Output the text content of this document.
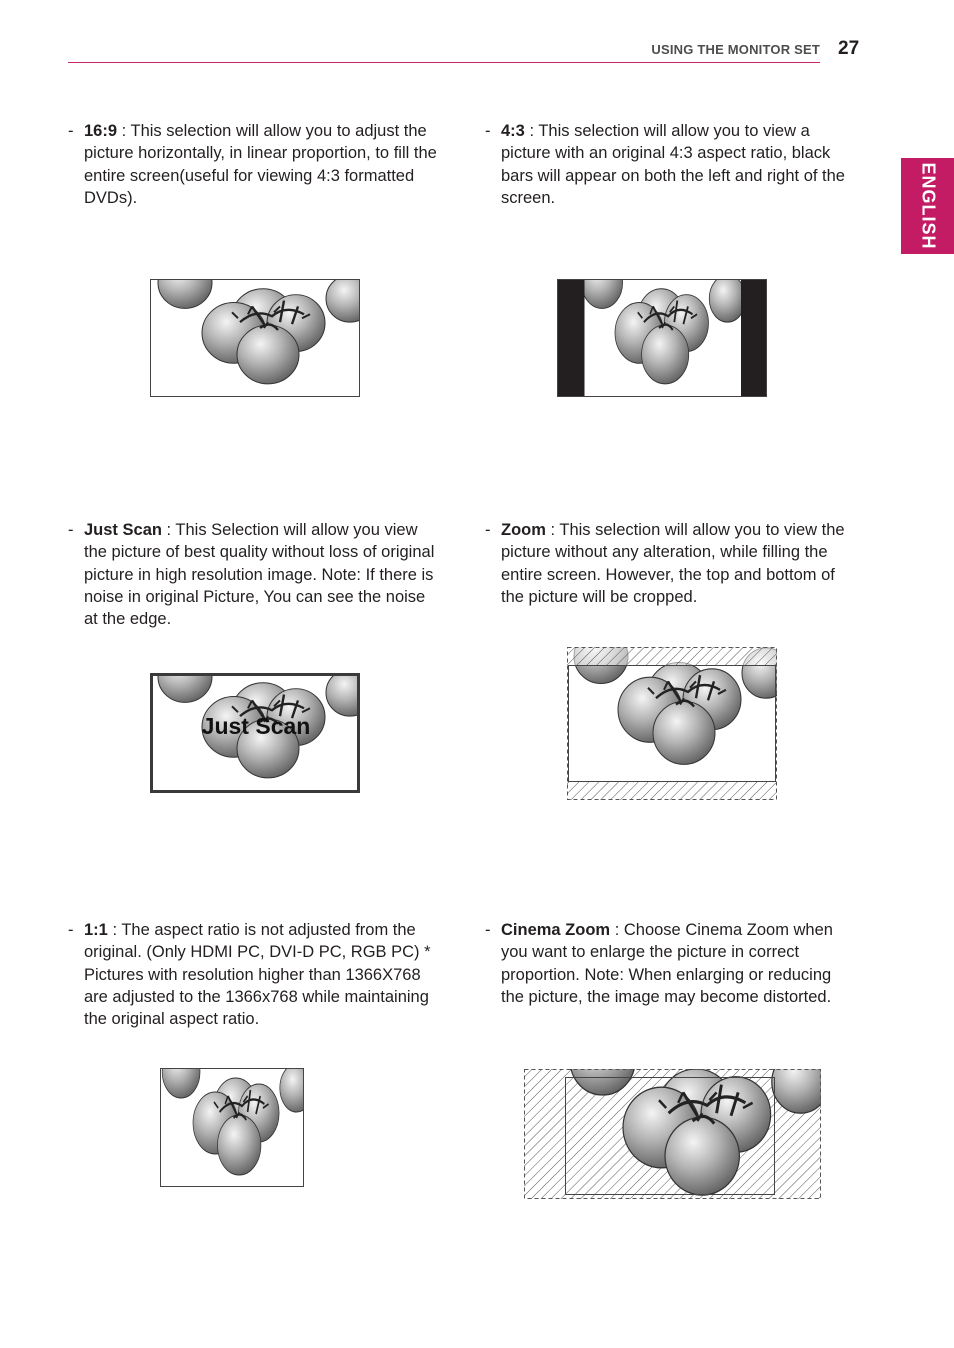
USING THE MONITOR SET 27
ENGLISH
- 16:9 : This selection will allow you to adjust the picture horizontally, in linear proportion, to fill the entire screen(useful for viewing 4:3 formatted DVDs).
- 4:3 : This selection will allow you to view a picture with an original 4:3 aspect ratio, black bars will appear on both the left and right of the screen.
- Just Scan : This Selection will allow you view the picture of best quality without loss of original picture in high resolution image. Note: If there is noise in original Picture, You can see the noise at the edge.
Just Scan
- Zoom : This selection will allow you to view the picture without any alteration, while filling the entire screen. However, the top and bottom of the picture will be cropped.
- 1:1 : The aspect ratio is not adjusted from the original. (Only HDMI PC, DVI-D PC, RGB PC) * Pictures with resolution higher than 1366X768 are adjusted to the 1366x768 while maintaining the original aspect ratio.
- Cinema Zoom : Choose Cinema Zoom when you want to enlarge the picture in correct proportion. Note: When enlarging or reducing the picture, the image may become distorted.
